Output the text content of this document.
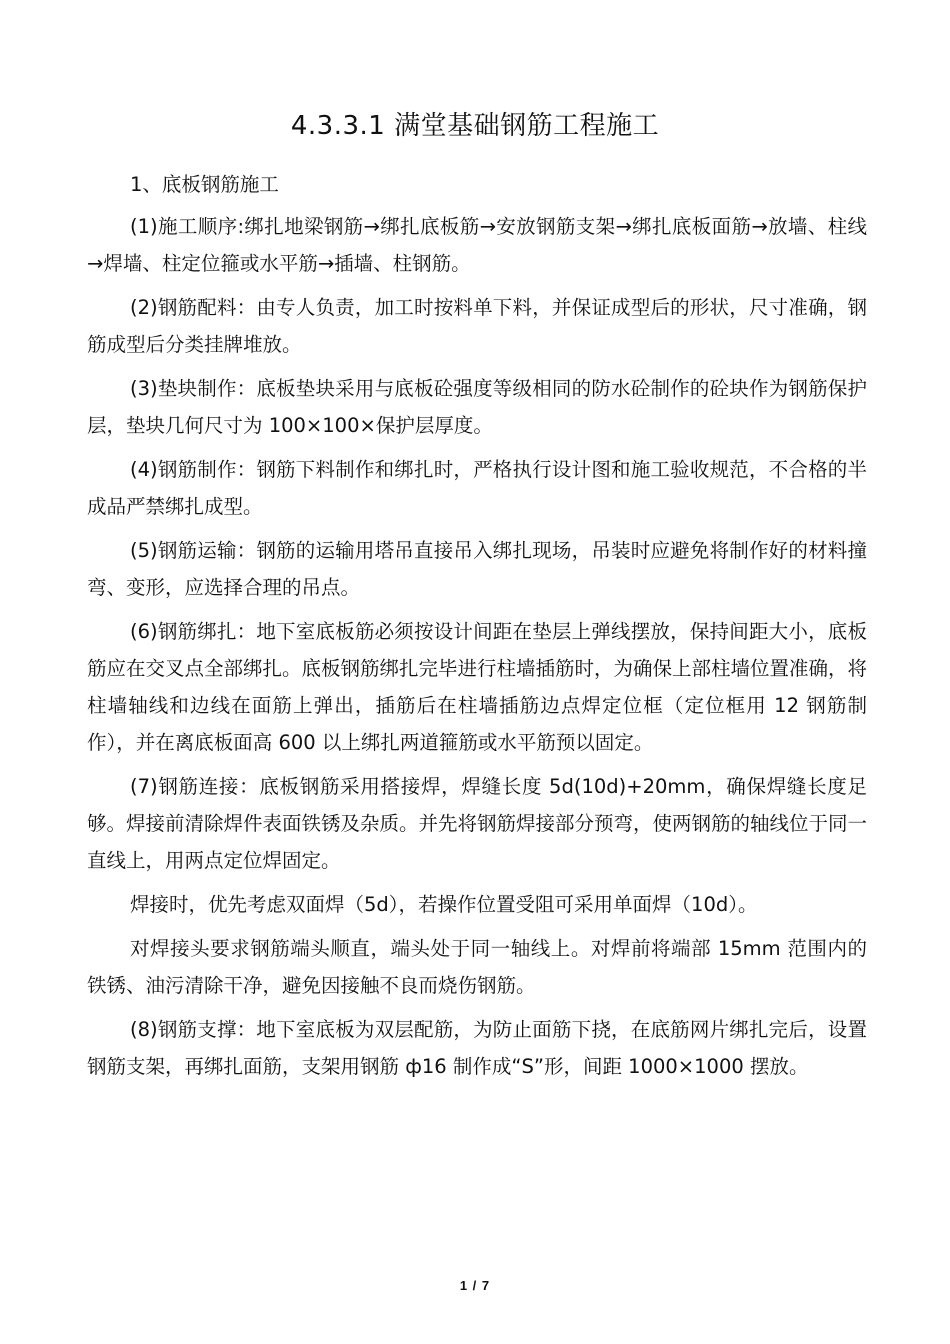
4.3.3.1 满堂基础钢筋工程施工

1、底板钢筋施工

(1)施工顺序:绑扎地梁钢筋→绑扎底板筋→安放钢筋支架→绑扎底板面筋→放墙、柱线→焊墙、柱定位箍或水平筋→插墙、柱钢筋。

(2)钢筋配料：由专人负责，加工时按料单下料，并保证成型后的形状，尺寸准确，钢筋成型后分类挂牌堆放。

(3)垫块制作：底板垫块采用与底板砼强度等级相同的防水砼制作的砼块作为钢筋保护层，垫块几何尺寸为 100×100×保护层厚度。

(4)钢筋制作：钢筋下料制作和绑扎时，严格执行设计图和施工验收规范，不合格的半成品严禁绑扎成型。

(5)钢筋运输：钢筋的运输用塔吊直接吊入绑扎现场，吊装时应避免将制作好的材料撞弯、变形，应选择合理的吊点。

(6)钢筋绑扎：地下室底板筋必须按设计间距在垫层上弹线摆放，保持间距大小，底板筋应在交叉点全部绑扎。底板钢筋绑扎完毕进行柱墙插筋时，为确保上部柱墙位置准确，将柱墙轴线和边线在面筋上弹出，插筋后在柱墙插筋边点焊定位框（定位框用 12 钢筋制作），并在离底板面高 600 以上绑扎两道箍筋或水平筋预以固定。

(7)钢筋连接：底板钢筋采用搭接焊，焊缝长度 5d(10d)+20mm，确保焊缝长度足够。焊接前清除焊件表面铁锈及杂质。并先将钢筋焊接部分预弯，使两钢筋的轴线位于同一直线上，用两点定位焊固定。

焊接时，优先考虑双面焊（5d），若操作位置受阻可采用单面焊（10d）。

对焊接头要求钢筋端头顺直，端头处于同一轴线上。对焊前将端部 15mm 范围内的铁锈、油污清除干净，避免因接触不良而烧伤钢筋。

(8)钢筋支撑：地下室底板为双层配筋，为防止面筋下挠，在底筋网片绑扎完后，设置钢筋支架，再绑扎面筋，支架用钢筋 ф16 制作成“S”形，间距 1000×1000 摆放。

1 / 7
